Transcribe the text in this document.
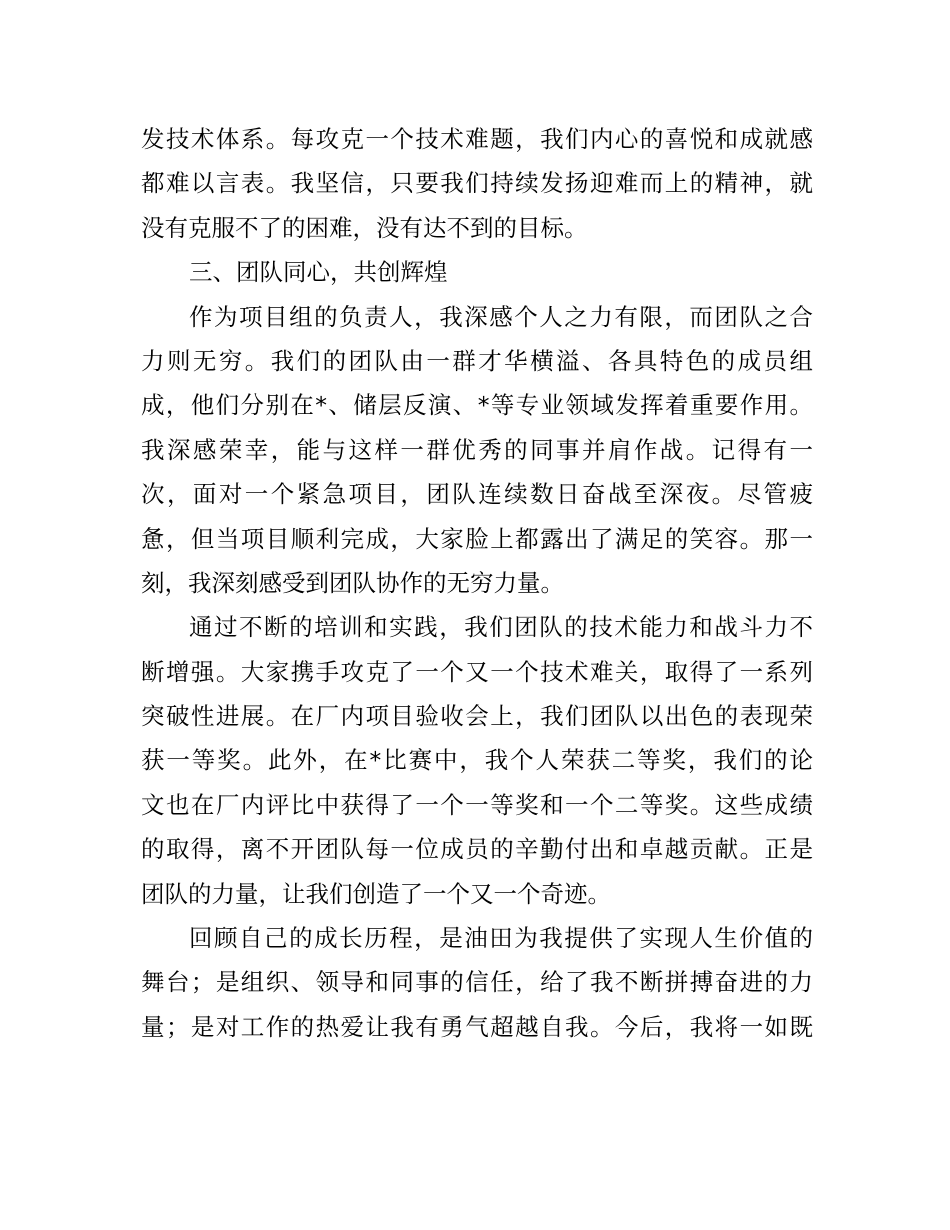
发技术体系。每攻克一个技术难题，我们内心的喜悦和成就感
都难以言表。我坚信，只要我们持续发扬迎难而上的精神，就
没有克服不了的困难，没有达不到的目标。
三、团队同心，共创辉煌
作为项目组的负责人，我深感个人之力有限，而团队之合
力则无穷。我们的团队由一群才华横溢、各具特色的成员组
成，他们分别在*、储层反演、*等专业领域发挥着重要作用。
我深感荣幸，能与这样一群优秀的同事并肩作战。记得有一
次，面对一个紧急项目，团队连续数日奋战至深夜。尽管疲
惫，但当项目顺利完成，大家脸上都露出了满足的笑容。那一
刻，我深刻感受到团队协作的无穷力量。
通过不断的培训和实践，我们团队的技术能力和战斗力不
断增强。大家携手攻克了一个又一个技术难关，取得了一系列
突破性进展。在厂内项目验收会上，我们团队以出色的表现荣
获一等奖。此外，在*比赛中，我个人荣获二等奖，我们的论
文也在厂内评比中获得了一个一等奖和一个二等奖。这些成绩
的取得，离不开团队每一位成员的辛勤付出和卓越贡献。正是
团队的力量，让我们创造了一个又一个奇迹。
回顾自己的成长历程，是油田为我提供了实现人生价值的
舞台；是组织、领导和同事的信任，给了我不断拼搏奋进的力
量；是对工作的热爱让我有勇气超越自我。今后，我将一如既
